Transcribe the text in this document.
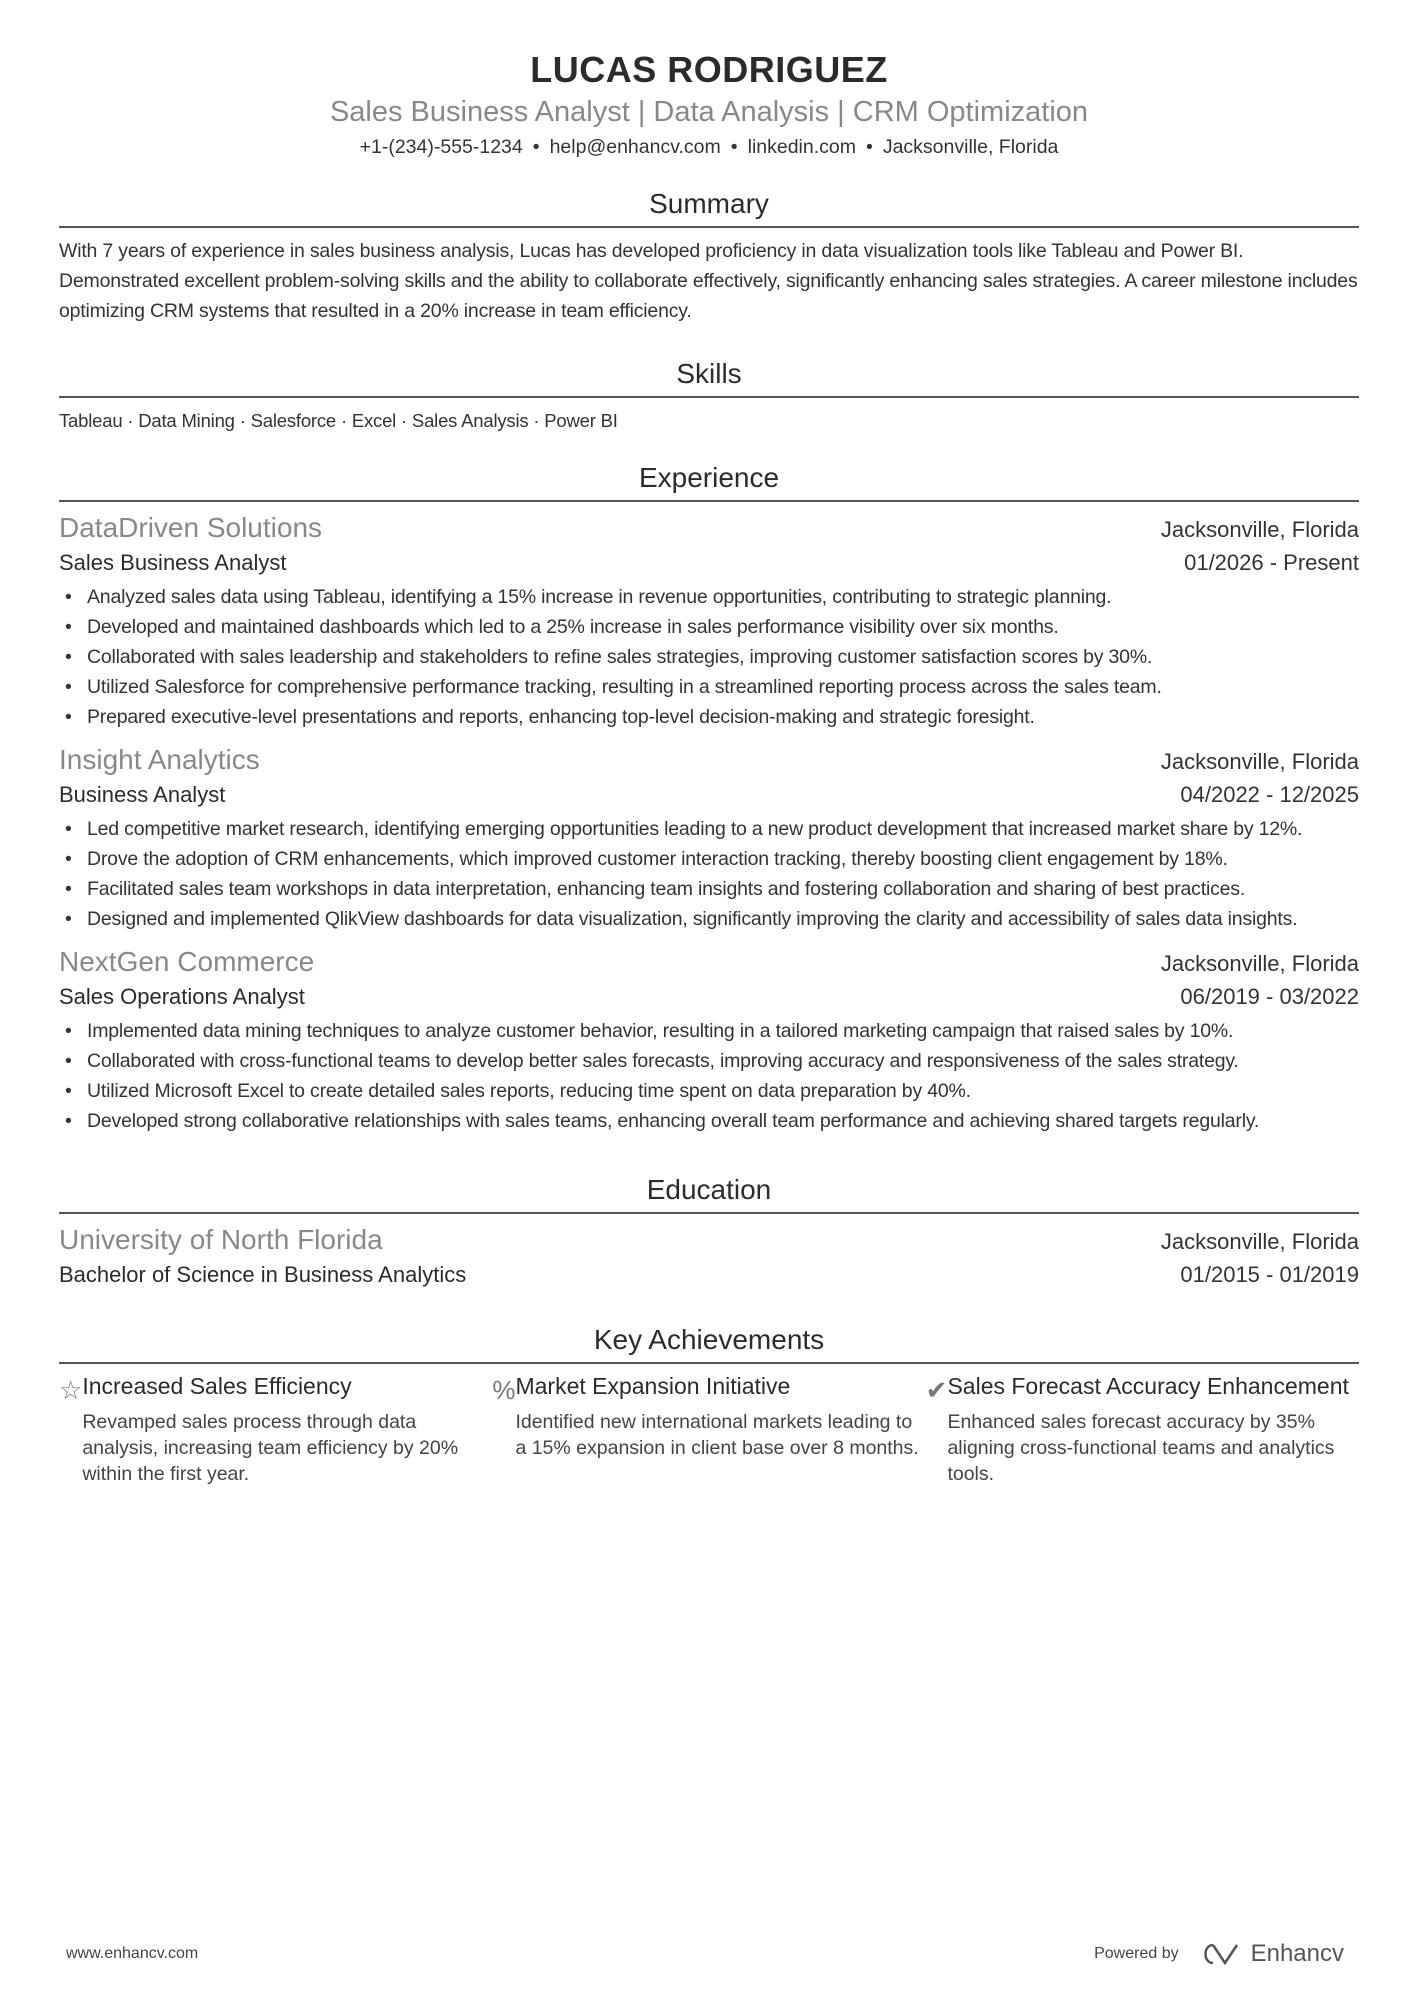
LUCAS RODRIGUEZ
Sales Business Analyst | Data Analysis | CRM Optimization
+1-(234)-555-1234 • help@enhancv.com • linkedin.com • Jacksonville, Florida
Summary

With 7 years of experience in sales business analysis, Lucas has developed proficiency in data visualization tools like Tableau and Power BI. Demonstrated excellent problem-solving skills and the ability to collaborate effectively, significantly enhancing sales strategies. A career milestone includes optimizing CRM systems that resulted in a 20% increase in team efficiency.

Skills

Tableau · Data Mining · Salesforce · Excel · Sales Analysis · Power BI

Experience
DataDriven Solutions	Jacksonville, Florida
Sales Business Analyst	01/2026 - Present
• Analyzed sales data using Tableau, identifying a 15% increase in revenue opportunities, contributing to strategic planning.
• Developed and maintained dashboards which led to a 25% increase in sales performance visibility over six months.
• Collaborated with sales leadership and stakeholders to refine sales strategies, improving customer satisfaction scores by 30%.
• Utilized Salesforce for comprehensive performance tracking, resulting in a streamlined reporting process across the sales team.
• Prepared executive-level presentations and reports, enhancing top-level decision-making and strategic foresight.
Insight Analytics	Jacksonville, Florida
Business Analyst	04/2022 - 12/2025
• Led competitive market research, identifying emerging opportunities leading to a new product development that increased market share by 12%.
• Drove the adoption of CRM enhancements, which improved customer interaction tracking, thereby boosting client engagement by 18%.
• Facilitated sales team workshops in data interpretation, enhancing team insights and fostering collaboration and sharing of best practices.
• Designed and implemented QlikView dashboards for data visualization, significantly improving the clarity and accessibility of sales data insights.
NextGen Commerce	Jacksonville, Florida
Sales Operations Analyst	06/2019 - 03/2022
• Implemented data mining techniques to analyze customer behavior, resulting in a tailored marketing campaign that raised sales by 10%.
• Collaborated with cross-functional teams to develop better sales forecasts, improving accuracy and responsiveness of the sales strategy.
• Utilized Microsoft Excel to create detailed sales reports, reducing time spent on data preparation by 40%.
• Developed strong collaborative relationships with sales teams, enhancing overall team performance and achieving shared targets regularly.
Education
University of North Florida	Jacksonville, Florida
Bachelor of Science in Business Analytics	01/2015 - 01/2019
Key Achievements
☆ Increased Sales Efficiency
Revamped sales process through data analysis, increasing team efficiency by 20% within the first year.
% Market Expansion Initiative
Identified new international markets leading to a 15% expansion in client base over 8 months.
✔ Sales Forecast Accuracy Enhancement
Enhanced sales forecast accuracy by 35% aligning cross-functional teams and analytics tools.
www.enhancv.com	Powered by	Enhancv
